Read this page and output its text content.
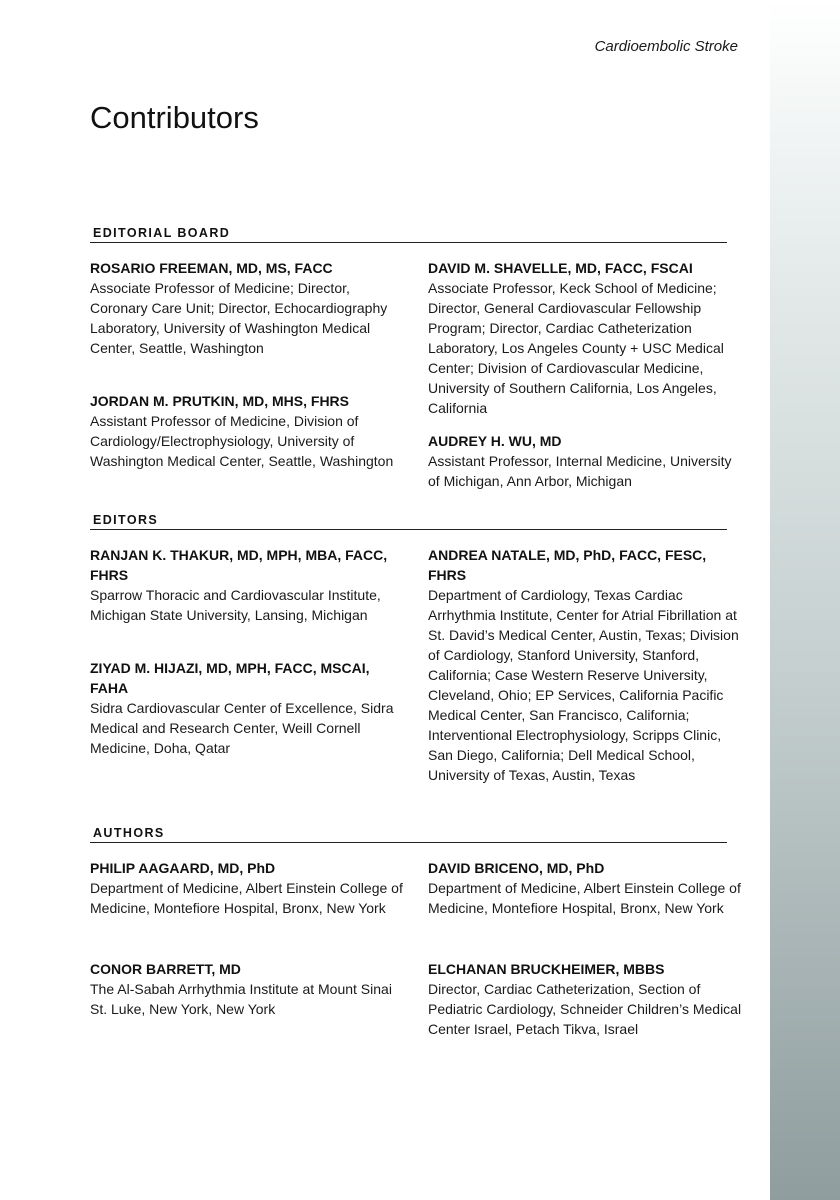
Cardioembolic Stroke
Contributors
EDITORIAL BOARD
ROSARIO FREEMAN, MD, MS, FACC
Associate Professor of Medicine; Director, Coronary Care Unit; Director, Echocardiography Laboratory, University of Washington Medical Center, Seattle, Washington
JORDAN M. PRUTKIN, MD, MHS, FHRS
Assistant Professor of Medicine, Division of Cardiology/Electrophysiology, University of Washington Medical Center, Seattle, Washington
DAVID M. SHAVELLE, MD, FACC, FSCAI
Associate Professor, Keck School of Medicine; Director, General Cardiovascular Fellowship Program; Director, Cardiac Catheterization Laboratory, Los Angeles County + USC Medical Center; Division of Cardiovascular Medicine, University of Southern California, Los Angeles, California
AUDREY H. WU, MD
Assistant Professor, Internal Medicine, University of Michigan, Ann Arbor, Michigan
EDITORS
RANJAN K. THAKUR, MD, MPH, MBA, FACC, FHRS
Sparrow Thoracic and Cardiovascular Institute, Michigan State University, Lansing, Michigan
ZIYAD M. HIJAZI, MD, MPH, FACC, MSCAI, FAHA
Sidra Cardiovascular Center of Excellence, Sidra Medical and Research Center, Weill Cornell Medicine, Doha, Qatar
ANDREA NATALE, MD, PhD, FACC, FESC, FHRS
Department of Cardiology, Texas Cardiac Arrhythmia Institute, Center for Atrial Fibrillation at St. David’s Medical Center, Austin, Texas; Division of Cardiology, Stanford University, Stanford, California; Case Western Reserve University, Cleveland, Ohio; EP Services, California Pacific Medical Center, San Francisco, California; Interventional Electrophysiology, Scripps Clinic, San Diego, California; Dell Medical School, University of Texas, Austin, Texas
AUTHORS
PHILIP AAGAARD, MD, PhD
Department of Medicine, Albert Einstein College of Medicine, Montefiore Hospital, Bronx, New York
CONOR BARRETT, MD
The Al-Sabah Arrhythmia Institute at Mount Sinai St. Luke, New York, New York
DAVID BRICENO, MD, PhD
Department of Medicine, Albert Einstein College of Medicine, Montefiore Hospital, Bronx, New York
ELCHANAN BRUCKHEIMER, MBBS
Director, Cardiac Catheterization, Section of Pediatric Cardiology, Schneider Children’s Medical Center Israel, Petach Tikva, Israel
